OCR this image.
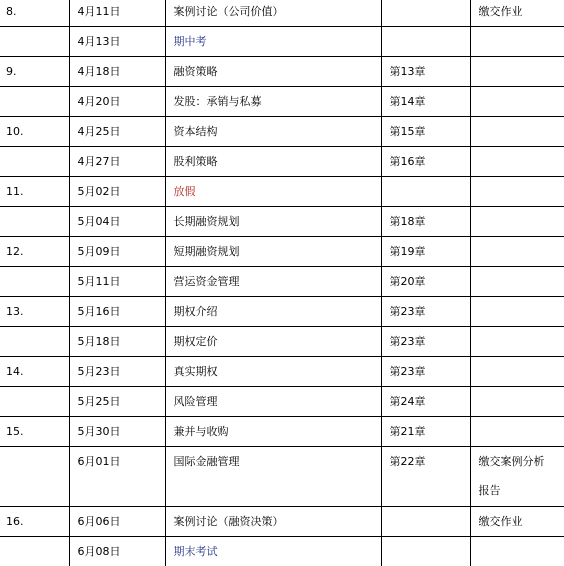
8.	4月11日	案例讨论（公司价值）		缴交作业
	4月13日	期中考		
9.	4月18日	融资策略	第13章	
	4月20日	发股：承销与私募	第14章	
10.	4月25日	资本结构	第15章	
	4月27日	股利策略	第16章	
11.	5月02日	放假		
	5月04日	长期融资规划	第18章	
12.	5月09日	短期融资规划	第19章	
	5月11日	营运资金管理	第20章	
13.	5月16日	期权介绍	第23章	
	5月18日	期权定价	第23章	
14.	5月23日	真实期权	第23章	
	5月25日	风险管理	第24章	
15.	5月30日	兼并与收购	第21章	

	6月01日	国际金融管理	第22章	缴交案例分析
报告

16.	6月06日	案例讨论（融资决策）		缴交作业
	6月08日	期末考试		
